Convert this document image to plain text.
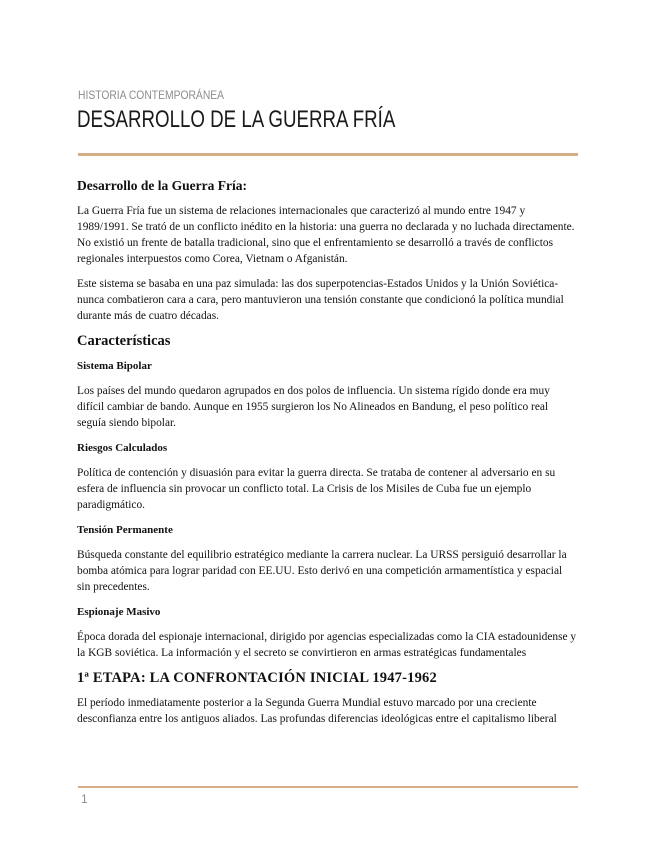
HISTORIA CONTEMPORÁNEA
DESARROLLO DE LA GUERRA FRÍA

Desarrollo de la Guerra Fría:

La Guerra Fría fue un sistema de relaciones internacionales que caracterizó al mundo entre 1947 y 1989/1991. Se trató de un conflicto inédito en la historia: una guerra no declarada y no luchada directamente. No existió un frente de batalla tradicional, sino que el enfrentamiento se desarrolló a través de conflictos regionales interpuestos como Corea, Vietnam o Afganistán.

Este sistema se basaba en una paz simulada: las dos superpotencias-Estados Unidos y la Unión Soviética-nunca combatieron cara a cara, pero mantuvieron una tensión constante que condicionó la política mundial durante más de cuatro décadas.

Características

Sistema Bipolar

Los países del mundo quedaron agrupados en dos polos de influencia. Un sistema rígido donde era muy difícil cambiar de bando. Aunque en 1955 surgieron los No Alineados en Bandung, el peso político real seguía siendo bipolar.

Riesgos Calculados

Política de contención y disuasión para evitar la guerra directa. Se trataba de contener al adversario en su esfera de influencia sin provocar un conflicto total. La Crisis de los Misiles de Cuba fue un ejemplo paradigmático.

Tensión Permanente

Búsqueda constante del equilibrio estratégico mediante la carrera nuclear. La URSS persiguió desarrollar la bomba atómica para lograr paridad con EE.UU. Esto derivó en una competición armamentística y espacial sin precedentes.

Espionaje Masivo

Época dorada del espionaje internacional, dirigido por agencias especializadas como la CIA estadounidense y la KGB soviética. La información y el secreto se convirtieron en armas estratégicas fundamentales

1ª ETAPA: LA CONFRONTACIÓN INICIAL 1947-1962

El período inmediatamente posterior a la Segunda Guerra Mundial estuvo marcado por una creciente desconfianza entre los antiguos aliados. Las profundas diferencias ideológicas entre el capitalismo liberal

1
